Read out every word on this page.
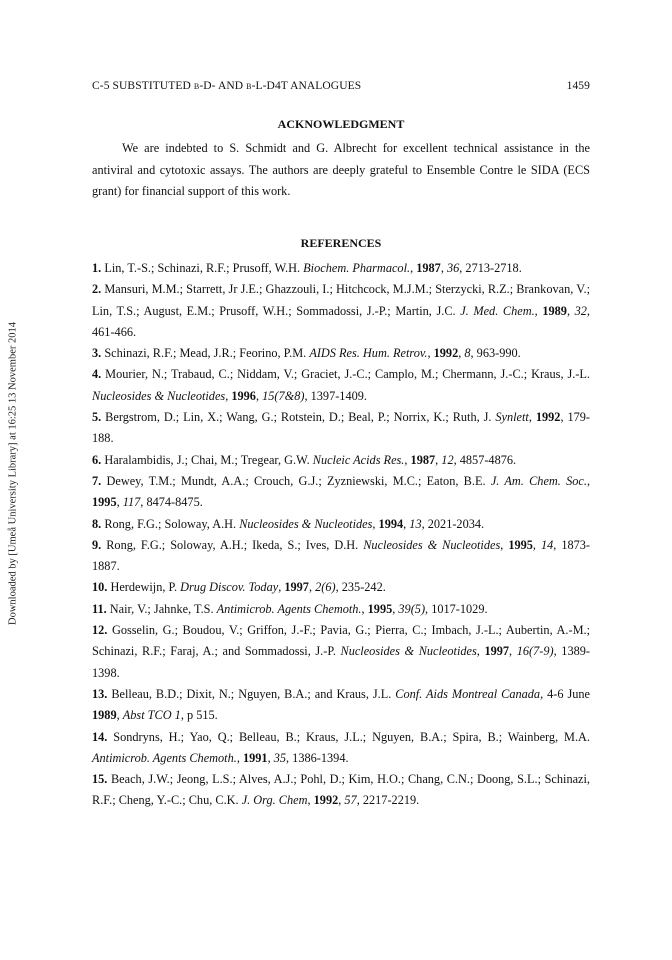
Downloaded by [Umeå University Library] at 16:25 13 November 2014
C-5 SUBSTITUTED β-D- AND β-L-D4T ANALOGUES	1459
ACKNOWLEDGMENT

We are indebted to S. Schmidt and G. Albrecht for excellent technical assistance in the antiviral and cytotoxic assays. The authors are deeply grateful to Ensemble Contre le SIDA (ECS grant) for financial support of this work.

REFERENCES
1. Lin, T.-S.; Schinazi, R.F.; Prusoff, W.H. Biochem. Pharmacol., 1987, 36, 2713-2718.
2. Mansuri, M.M.; Starrett, Jr J.E.; Ghazzouli, I.; Hitchcock, M.J.M.; Sterzycki, R.Z.; Brankovan, V.; Lin, T.S.; August, E.M.; Prusoff, W.H.; Sommadossi, J.-P.; Martin, J.C. J. Med. Chem., 1989, 32, 461-466.
3. Schinazi, R.F.; Mead, J.R.; Feorino, P.M. AIDS Res. Hum. Retrov., 1992, 8, 963-990.
4. Mourier, N.; Trabaud, C.; Niddam, V.; Graciet, J.-C.; Camplo, M.; Chermann, J.-C.; Kraus, J.-L. Nucleosides & Nucleotides, 1996, 15(7&8), 1397-1409.
5. Bergstrom, D.; Lin, X.; Wang, G.; Rotstein, D.; Beal, P.; Norrix, K.; Ruth, J. Synlett, 1992, 179-188.
6. Haralambidis, J.; Chai, M.; Tregear, G.W. Nucleic Acids Res., 1987, 12, 4857-4876.
7. Dewey, T.M.; Mundt, A.A.; Crouch, G.J.; Zyzniewski, M.C.; Eaton, B.E. J. Am. Chem. Soc., 1995, 117, 8474-8475.
8. Rong, F.G.; Soloway, A.H. Nucleosides & Nucleotides, 1994, 13, 2021-2034.
9. Rong, F.G.; Soloway, A.H.; Ikeda, S.; Ives, D.H. Nucleosides & Nucleotides, 1995, 14, 1873-1887.
10. Herdewijn, P. Drug Discov. Today, 1997, 2(6), 235-242.
11. Nair, V.; Jahnke, T.S. Antimicrob. Agents Chemoth., 1995, 39(5), 1017-1029.
12. Gosselin, G.; Boudou, V.; Griffon, J.-F.; Pavia, G.; Pierra, C.; Imbach, J.-L.; Aubertin, A.-M.; Schinazi, R.F.; Faraj, A.; and Sommadossi, J.-P. Nucleosides & Nucleotides, 1997, 16(7-9), 1389-1398.
13. Belleau, B.D.; Dixit, N.; Nguyen, B.A.; and Kraus, J.L. Conf. Aids Montreal Canada, 4-6 June 1989, Abst TCO 1, p 515.
14. Sondryns, H.; Yao, Q.; Belleau, B.; Kraus, J.L.; Nguyen, B.A.; Spira, B.; Wainberg, M.A. Antimicrob. Agents Chemoth., 1991, 35, 1386-1394.
15. Beach, J.W.; Jeong, L.S.; Alves, A.J.; Pohl, D.; Kim, H.O.; Chang, C.N.; Doong, S.L.; Schinazi, R.F.; Cheng, Y.-C.; Chu, C.K. J. Org. Chem, 1992, 57, 2217-2219.
